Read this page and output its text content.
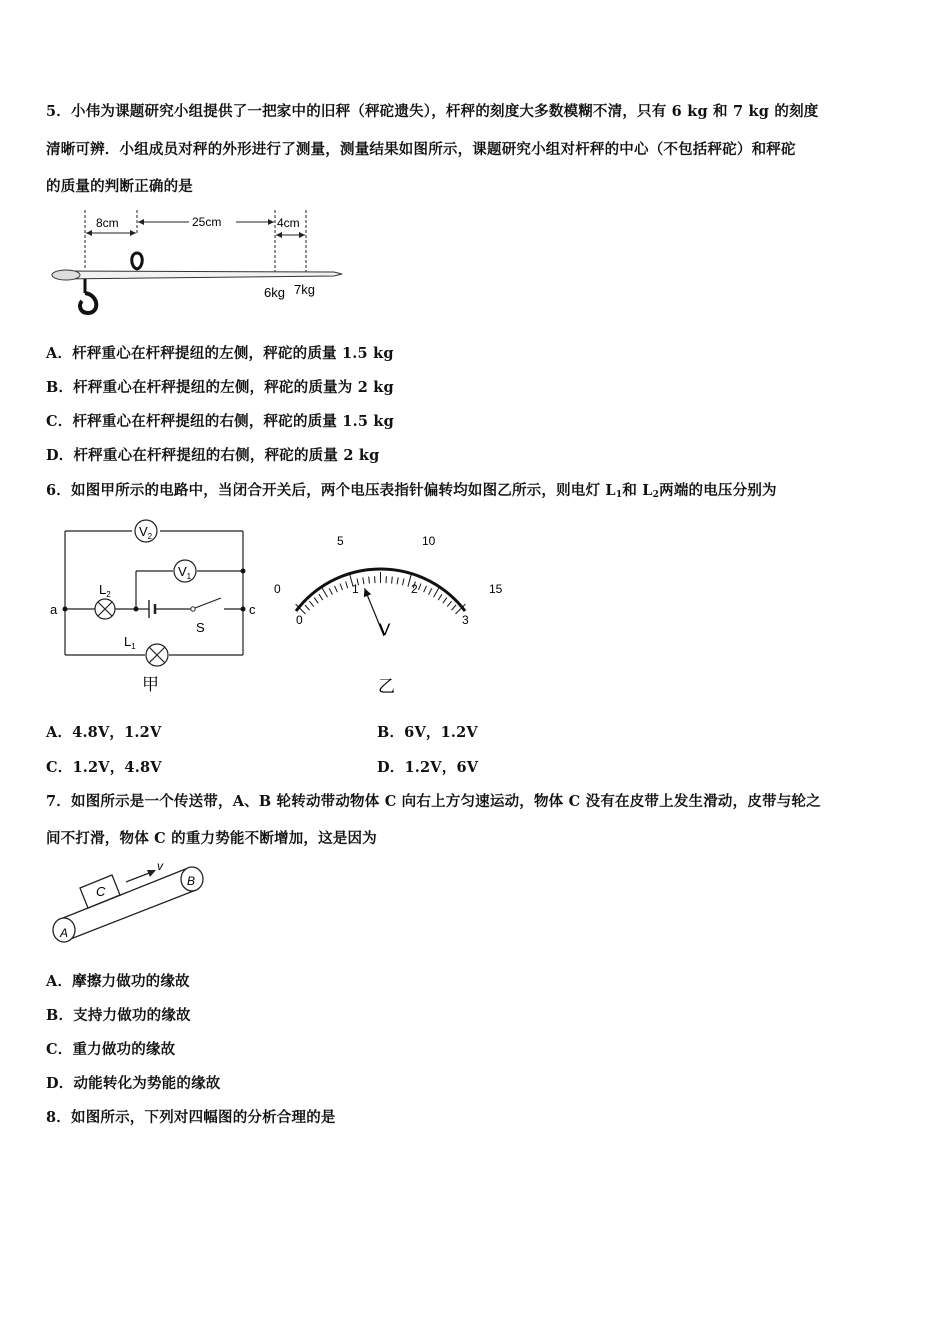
5．小伟为课题研究小组提供了一把家中的旧秤（秤砣遗失），杆秤的刻度大多数模糊不清，只有 6 kg 和 7 kg 的刻度
清晰可辨．小组成员对秤的外形进行了测量，测量结果如图所示，课题研究小组对杆秤的中心（不包括秤砣）和秤砣
的质量的判断正确的是
8cm	25cm	4cm
6kg 7kg
A．杆秤重心在杆秤提纽的左侧，秤砣的质量 1.5 kg
B．杆秤重心在杆秤提纽的左侧，秤砣的质量为 2 kg
C．杆秤重心在杆秤提纽的右侧，秤砣的质量 1.5 kg
D．杆秤重心在杆秤提纽的右侧，秤砣的质量 2 kg
6．如图甲所示的电路中，当闭合开关后，两个电压表指针偏转均如图乙所示，则电灯 $L_1$和 $L_2$两端的电压分别为
$V_2$
$V_1$
$L_2$
$L_1$
a	c
S
甲
0
5	10
15
0
1	2
3
V
乙
A．4.8V，1.2V	B．6V，1.2V
C．1.2V，4.8V	D．1.2V，6V
7．如图所示是一个传送带，A、B 轮转动带动物体 C 向右上方匀速运动，物体 C 没有在皮带上发生滑动，皮带与轮之
间不打滑，物体 C 的重力势能不断增加，这是因为
B
A
C
v
A．摩擦力做功的缘故
B．支持力做功的缘故
C．重力做功的缘故
D．动能转化为势能的缘故
8．如图所示，下列对四幅图的分析合理的是
